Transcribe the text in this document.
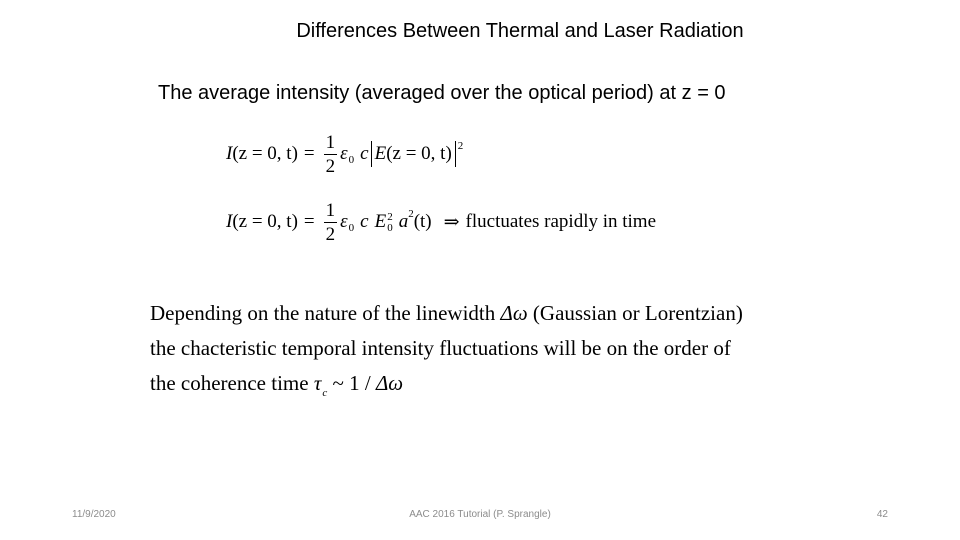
Differences Between Thermal and Laser Radiation
The average intensity (averaged over the optical period) at z = 0
I (z = 0, $t) = \frac{1}{2}$ ε 0 c E(z = 0, t) 2
I (z = 0, $t) = \frac{1}{2}$ ε 0 c E 2
0 a 2 (t) ⇒ fluctuates rapidly in time
Depending on the nature of the linewidth Δω (Gaussian or Lorentzian)
the chacteristic temporal intensity fluctuations will be on the order of
the coherence time $\tau_c$ ~ 1 / Δω
11/9/2020	AAC 2016 Tutorial (P. Sprangle)	42
